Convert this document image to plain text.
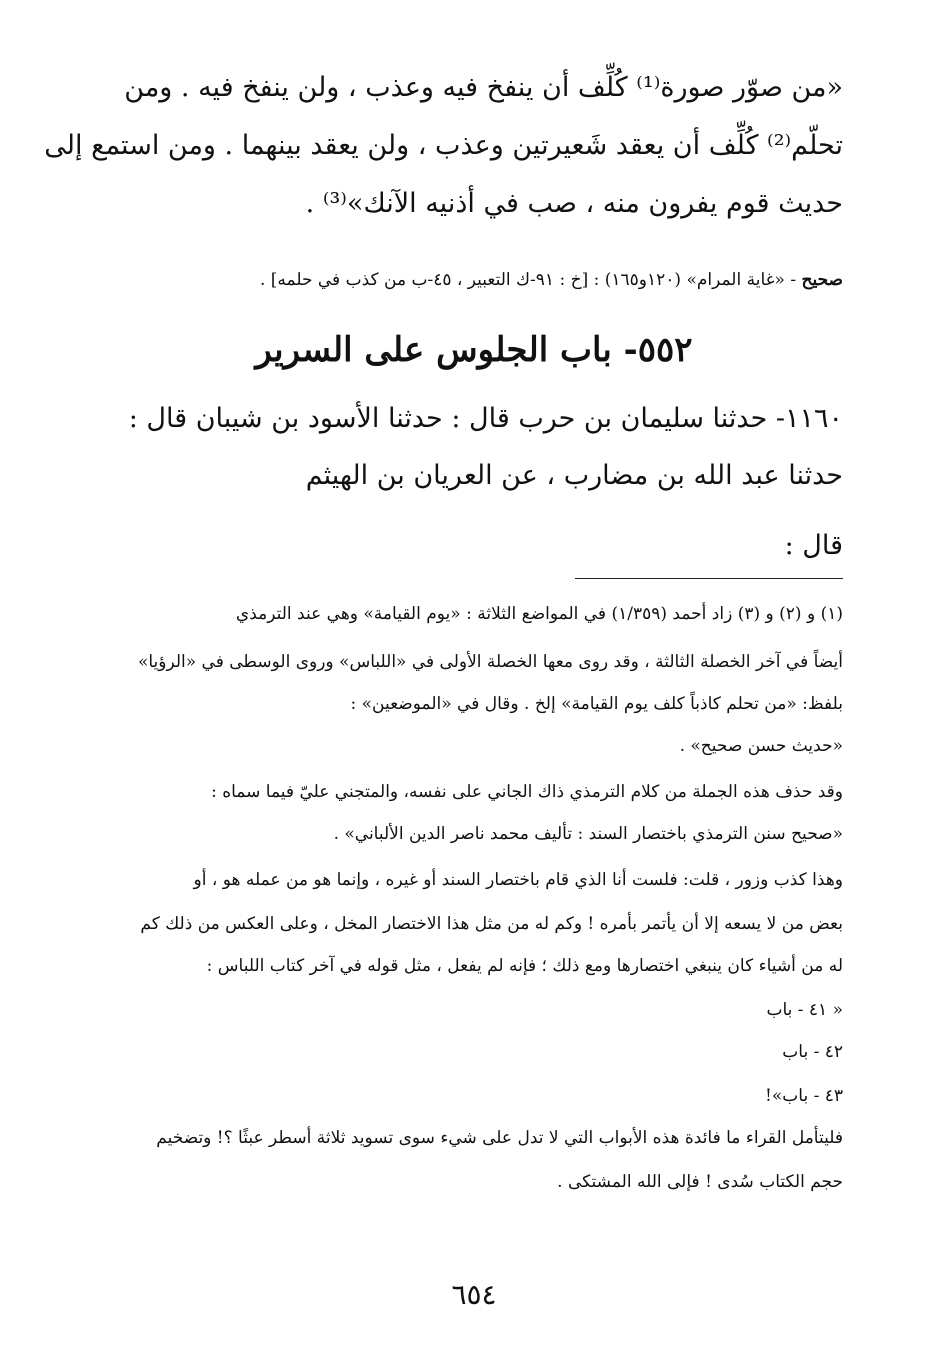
«من صوّر صورة⁽¹⁾ كُلِّف أن ينفخ فيه وعذب ، ولن ينفخ فيه . ومن
تحلّم⁽²⁾ كُلِّف أن يعقد شَعيرتين وعذب ، ولن يعقد بينهما . ومن استمع إلى
حديث قوم يفرون منه ، صب في أذنيه الآنك»⁽³⁾ .
صحيح - «غاية المرام» (١٢٠و١٦٥) : [خ : ٩١-ك التعبير ، ٤٥-ب من كذب في حلمه] .
٥٥٢- باب الجلوس على السرير
١١٦٠- حدثنا سليمان بن حرب قال : حدثنا الأسود بن شيبان قال :
حدثنا عبد الله بن مضارب ، عن العريان بن الهيثم
قال :
(١) و (٢) و (٣) زاد أحمد (١/٣٥٩) في المواضع الثلاثة : «يوم القيامة» وهي عند الترمذي
أيضاً في آخر الخصلة الثالثة ، وقد روى معها الخصلة الأولى في «اللباس» وروى الوسطى في «الرؤيا»
بلفظ: «من تحلم كاذباً كلف يوم القيامة» إلخ . وقال في «الموضعين» :
«حديث حسن صحيح» .
وقد حذف هذه الجملة من كلام الترمذي ذاك الجاني على نفسه، والمتجني عليّ فيما سماه :
«صحيح سنن الترمذي باختصار السند : تأليف محمد ناصر الدين الألباني» .
وهذا كذب وزور ، قلت: فلست أنا الذي قام باختصار السند أو غيره ، وإنما هو من عمله هو ، أو
بعض من لا يسعه إلا أن يأتمر بأمره ! وكم له من مثل هذا الاختصار المخل ، وعلى العكس من ذلك كم
له من أشياء كان ينبغي اختصارها ومع ذلك ؛ فإنه لم يفعل ، مثل قوله في آخر كتاب اللباس :
« ٤١ - باب
٤٢ - باب
٤٣ - باب»!
فليتأمل القراء ما فائدة هذه الأبواب التي لا تدل على شيء سوى تسويد ثلاثة أسطر عبثًا ؟! وتضخيم
حجم الكتاب سُدى ! فإلى الله المشتكى .
٦٥٤
